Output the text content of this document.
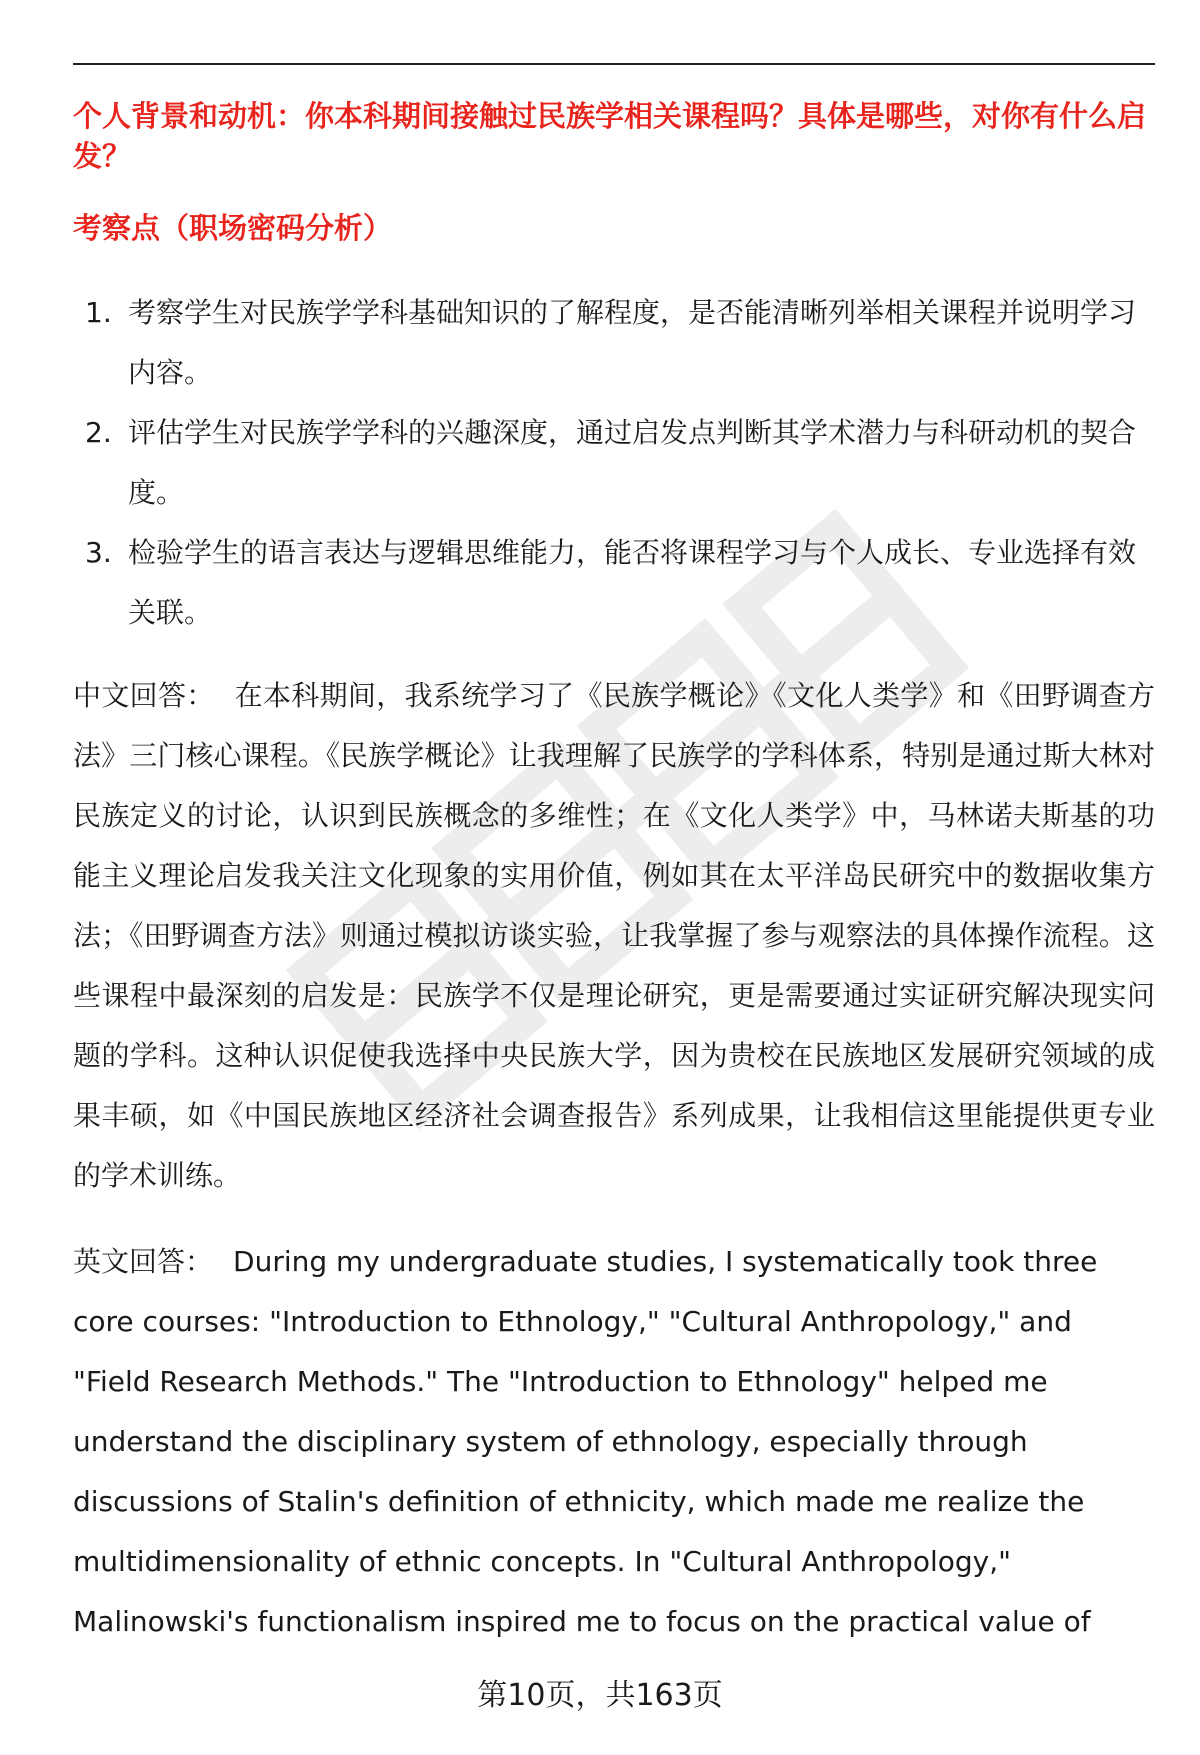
个人背景和动机：你本科期间接触过民族学相关课程吗？具体是哪些，对你有什么启发？

考察点（职场密码分析）

1. 考察学生对民族学学科基础知识的了解程度，是否能清晰列举相关课程并说明学习内容。
2. 评估学生对民族学学科的兴趣深度，通过启发点判断其学术潜力与科研动机的契合度。
3. 检验学生的语言表达与逻辑思维能力，能否将课程学习与个人成长、专业选择有效关联。

中文回答： 在本科期间，我系统学习了《民族学概论》《文化人类学》和《田野调查方法》三门核心课程。《民族学概论》让我理解了民族学的学科体系，特别是通过斯大林对民族定义的讨论，认识到民族概念的多维性；在《文化人类学》中，马林诺夫斯基的功能主义理论启发我关注文化现象的实用价值，例如其在太平洋岛民研究中的数据收集方法；《田野调查方法》则通过模拟访谈实验，让我掌握了参与观察法的具体操作流程。这些课程中最深刻的启发是：民族学不仅是理论研究，更是需要通过实证研究解决现实问题的学科。这种认识促使我选择中央民族大学，因为贵校在民族地区发展研究领域的成果丰硕，如《中国民族地区经济社会调查报告》系列成果，让我相信这里能提供更专业的学术训练。

英文回答： During my undergraduate studies, I systematically took three core courses: "Introduction to Ethnology," "Cultural Anthropology," and "Field Research Methods." The "Introduction to Ethnology" helped me understand the disciplinary system of ethnology, especially through discussions of Stalin's definition of ethnicity, which made me realize the multidimensionality of ethnic concepts. In "Cultural Anthropology," Malinowski's functionalism inspired me to focus on the practical value of

第10页，共163页
